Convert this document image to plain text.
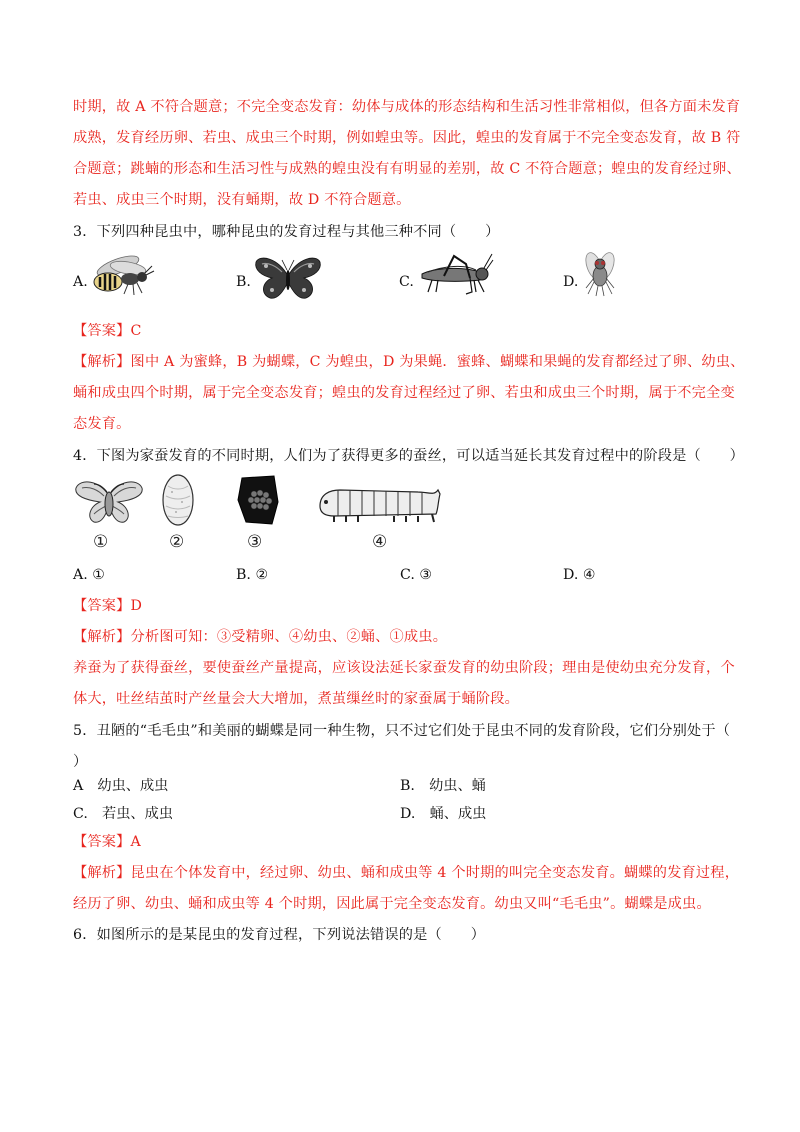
时期，故 A 不符合题意；不完全变态发育：幼体与成体的形态结构和生活习性非常相似，但各方面未发育
成熟，发育经历卵、若虫、成虫三个时期，例如蝗虫等。因此，蝗虫的发育属于不完全变态发育，故 B 符
合题意；跳蝻的形态和生活习性与成熟的蝗虫没有有明显的差别，故 C 不符合题意；蝗虫的发育经过卵、
若虫、成虫三个时期，没有蛹期，故 D 不符合题意。
3．下列四种昆虫中，哪种昆虫的发育过程与其他三种不同（　　）
A.	B.	C.	D.
【答案】C
【解析】图中 A 为蜜蜂，B 为蝴蝶，C 为蝗虫，D 为果蝇．蜜蜂、蝴蝶和果蝇的发育都经过了卵、幼虫、
蛹和成虫四个时期，属于完全变态发育；蝗虫的发育过程经过了卵、若虫和成虫三个时期，属于不完全变
态发育。
4．下图为家蚕发育的不同时期，人们为了获得更多的蚕丝，可以适当延长其发育过程中的阶段是（　　）
①	②	③	④
A. ①	B. ②	C. ③	D. ④
【答案】D
【解析】分析图可知：③受精卵、④幼虫、②蛹、①成虫。
养蚕为了获得蚕丝，要使蚕丝产量提高，应该设法延长家蚕发育的幼虫阶段；理由是使幼虫充分发育，个
体大，吐丝结茧时产丝量会大大增加，煮茧缫丝时的家蚕属于蛹阶段。
5．丑陋的“毛毛虫”和美丽的蝴蝶是同一种生物，只不过它们处于昆虫不同的发育阶段，它们分别处于（
）
A　幼虫、成虫	B.　幼虫、蛹
C.　若虫、成虫	D.　蛹、成虫
【答案】A
【解析】昆虫在个体发育中，经过卵、幼虫、蛹和成虫等 4 个时期的叫完全变态发育。蝴蝶的发育过程，
经历了卵、幼虫、蛹和成虫等 4 个时期，因此属于完全变态发育。幼虫又叫“毛毛虫”。蝴蝶是成虫。
6．如图所示的是某昆虫的发育过程，下列说法错误的是（　　）
